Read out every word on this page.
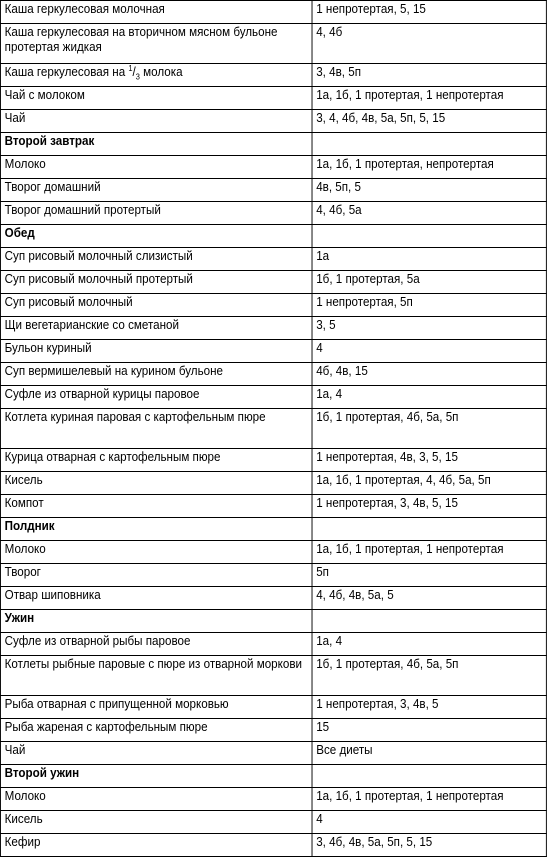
Каша геркулесовая молочная	1 непротертая, 5, 15
Каша геркулесовая на вторичном мясном бульоне протертая жидкая	4, 4б
Каша геркулесовая на $^1/_3$ молока	3, 4в, 5п
Чай с молоком	1а, 1б, 1 протертая, 1 непротертая
Чай	3, 4, 4б, 4в, 5а, 5п, 5, 15
Второй завтрак	
Молоко	1а, 1б, 1 протертая, непротертая
Творог домашний	4в, 5п, 5
Творог домашний протертый	4, 4б, 5а
Обед	
Суп рисовый молочный слизистый	1а
Суп рисовый молочный протертый	1б, 1 протертая, 5а
Суп рисовый молочный	1 непротертая, 5п
Щи вегетарианские со сметаной	3, 5
Бульон куриный	4
Суп вермишелевый на курином бульоне	4б, 4в, 15
Суфле из отварной курицы паровое	1а, 4
Котлета куриная паровая с картофельным пюре	1б, 1 протертая, 4б, 5а, 5п
Курица отварная с картофельным пюре	1 непротертая, 4в, 3, 5, 15
Кисель	1а, 1б, 1 протертая, 4, 4б, 5а, 5п
Компот	1 непротертая, 3, 4в, 5, 15
Полдник	
Молоко	1а, 1б, 1 протертая, 1 непротертая
Творог	5п
Отвар шиповника	4, 4б, 4в, 5а, 5
Ужин	
Суфле из отварной рыбы паровое	1а, 4
Котлеты рыбные паровые с пюре из отварной моркови	1б, 1 протертая, 4б, 5а, 5п
Рыба отварная с припущенной морковью	1 непротертая, 3, 4в, 5
Рыба жареная с картофельным пюре	15
Чай	Все диеты
Второй ужин	
Молоко	1а, 1б, 1 протертая, 1 непротертая
Кисель	4
Кефир	3, 4б, 4в, 5а, 5п, 5, 15
